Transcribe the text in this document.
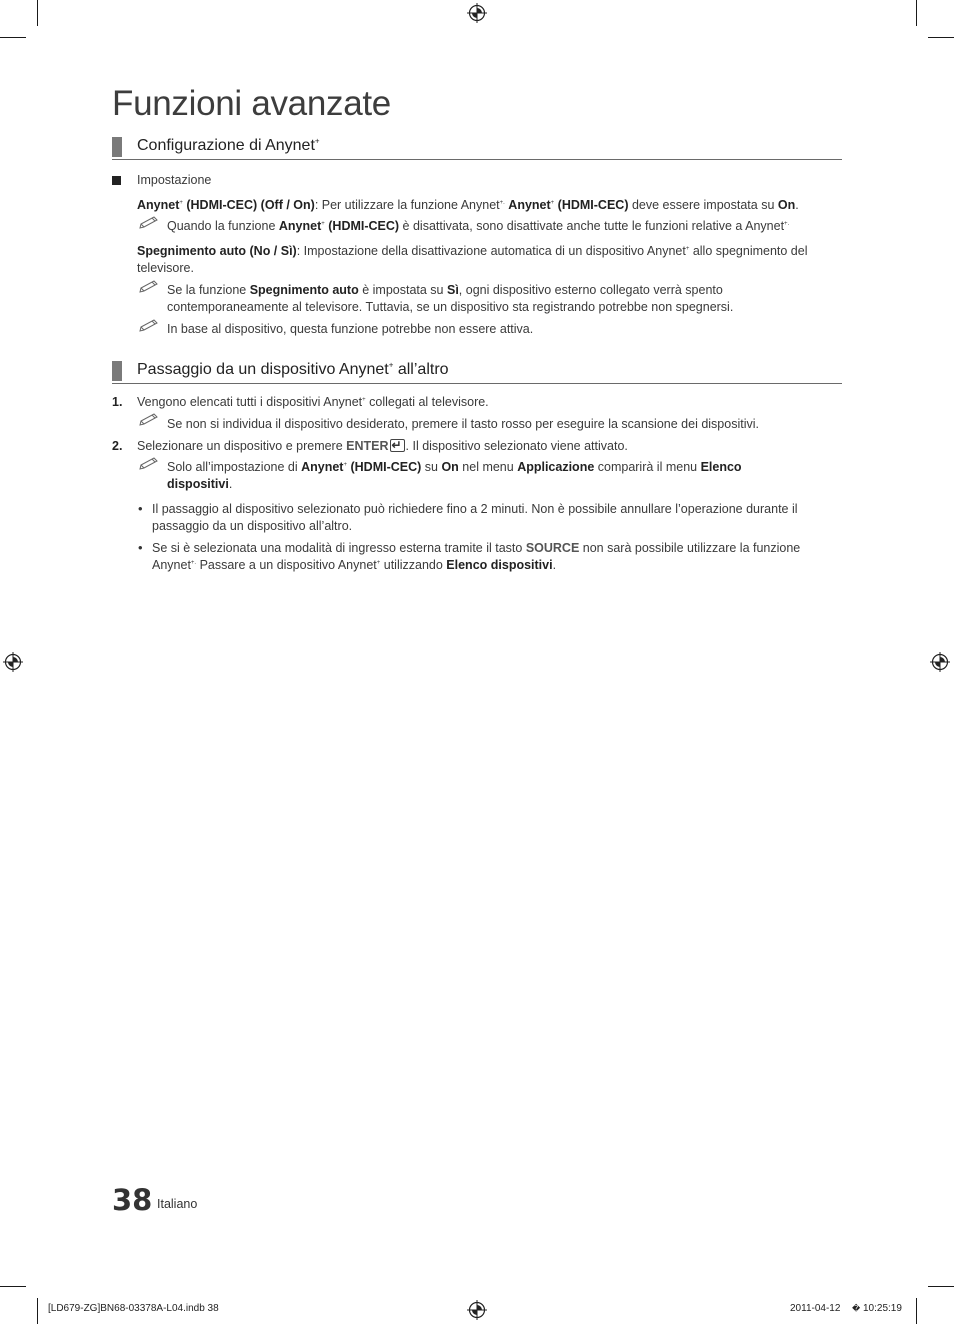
Funzioni avanzate
Configurazione di Anynet+
Impostazione
Anynet+ (HDMI-CEC) (Off / On): Per utilizzare la funzione Anynet+. Anynet+ (HDMI-CEC) deve essere impostata su On.
Quando la funzione Anynet+ (HDMI-CEC) è disattivata, sono disattivate anche tutte le funzioni relative a Anynet+.
Spegnimento auto (No / Sì): Impostazione della disattivazione automatica di un dispositivo Anynet+ allo spegnimento del
televisore.
Se la funzione Spegnimento auto è impostata su Sì, ogni dispositivo esterno collegato verrà spento
contemporaneamente al televisore. Tuttavia, se un dispositivo sta registrando potrebbe non spegnersi.
In base al dispositivo, questa funzione potrebbe non essere attiva.
Passaggio da un dispositivo Anynet+ all’altro
1. Vengono elencati tutti i dispositivi Anynet+ collegati al televisore.
Se non si individua il dispositivo desiderato, premere il tasto rosso per eseguire la scansione dei dispositivi.
2. Selezionare un dispositivo e premere ENTER↵ . Il dispositivo selezionato viene attivato.
Solo all’impostazione di Anynet+ (HDMI-CEC) su On nel menu Applicazione comparirà il menu Elenco
dispositivi.
• Il passaggio al dispositivo selezionato può richiedere fino a 2 minuti. Non è possibile annullare l’operazione durante il
passaggio da un dispositivo all’altro.
• Se si è selezionata una modalità di ingresso esterna tramite il tasto SOURCE non sarà possibile utilizzare la funzione
Anynet+. Passare a un dispositivo Anynet+ utilizzando Elenco dispositivi.
38 Italiano
[LD679-ZG]BN68-03378A-L04.indb 38	2011-04-12 � 10:25:19
